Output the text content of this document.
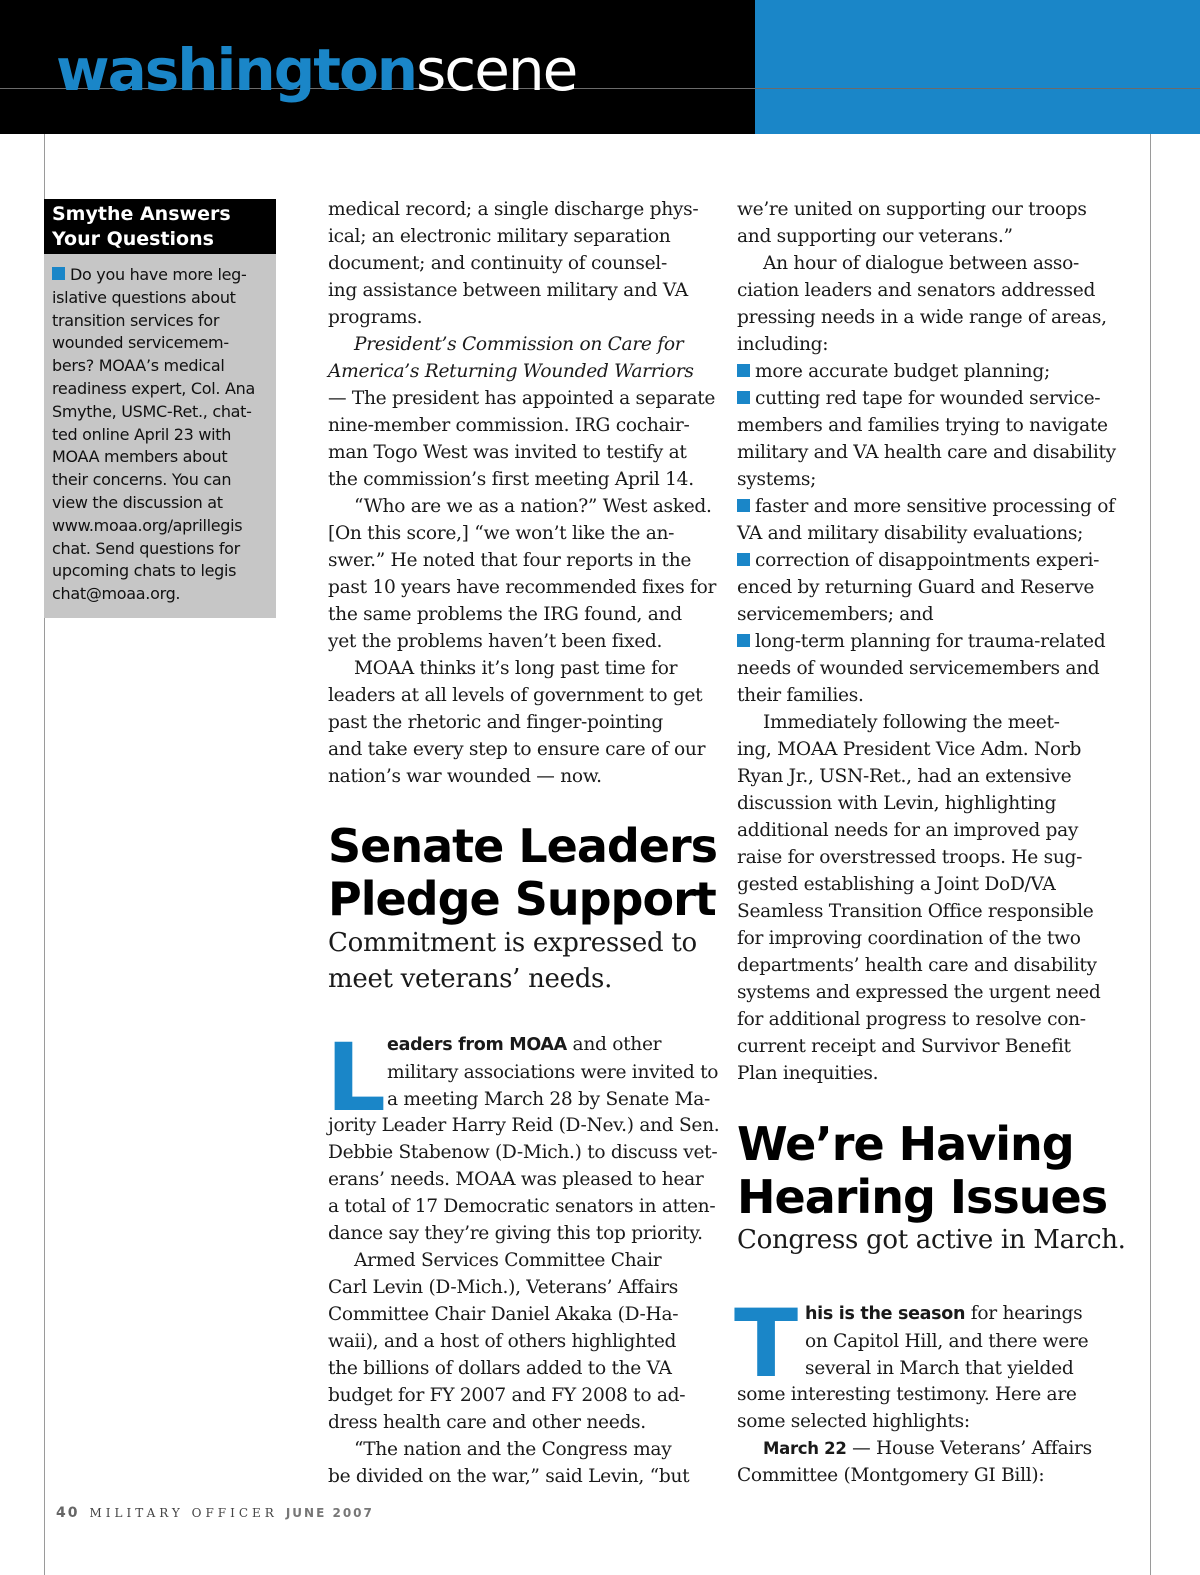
washingtonscene
Smythe Answers
Your Questions
Do you have more leg-
islative questions about
transition services for
wounded servicemem-
bers? MOAA’s medical
readiness expert, Col. Ana
Smythe, USMC-Ret., chat-
ted online April 23 with
MOAA members about
their concerns. You can
view the discussion at
www.moaa.org/aprillegis
chat. Send questions for
upcoming chats to legis
chat@moaa.org.
medical record; a single discharge phys-
ical; an electronic military separation
document; and continuity of counsel-
ing assistance between military and VA
programs.
President’s Commission on Care for
America’s Returning Wounded Warriors
— The president has appointed a separate
nine-member commission. IRG cochair-
man Togo West was invited to testify at
the commission’s first meeting April 14.
“Who are we as a nation?” West asked.
[On this score,] “we won’t like the an-
swer.” He noted that four reports in the
past 10 years have recommended fixes for
the same problems the IRG found, and
yet the problems haven’t been fixed.
MOAA thinks it’s long past time for
leaders at all levels of government to get
past the rhetoric and finger-pointing
and take every step to ensure care of our
nation’s war wounded — now.
Senate Leaders
Pledge Support
Commitment is expressed to
meet veterans’ needs.
L eaders from MOAA and other
military associations were invited to
a meeting March 28 by Senate Ma-
jority Leader Harry Reid (D-Nev.) and Sen.
Debbie Stabenow (D-Mich.) to discuss vet-
erans’ needs. MOAA was pleased to hear
a total of 17 Democratic senators in atten-
dance say they’re giving this top priority.
Armed Services Committee Chair
Carl Levin (D-Mich.), Veterans’ Affairs
Committee Chair Daniel Akaka (D-Ha-
waii), and a host of others highlighted
the billions of dollars added to the VA
budget for FY 2007 and FY 2008 to ad-
dress health care and other needs.
“The nation and the Congress may
be divided on the war,” said Levin, “but
we’re united on supporting our troops
and supporting our veterans.”
An hour of dialogue between asso-
ciation leaders and senators addressed
pressing needs in a wide range of areas,
including:
more accurate budget planning;
cutting red tape for wounded service-
members and families trying to navigate
military and VA health care and disability
systems;
faster and more sensitive processing of
VA and military disability evaluations;
correction of disappointments experi-
enced by returning Guard and Reserve
servicemembers; and
long-term planning for trauma-related
needs of wounded servicemembers and
their families.
Immediately following the meet-
ing, MOAA President Vice Adm. Norb
Ryan Jr., USN-Ret., had an extensive
discussion with Levin, highlighting
additional needs for an improved pay
raise for overstressed troops. He sug-
gested establishing a Joint DoD/VA
Seamless Transition Office responsible
for improving coordination of the two
departments’ health care and disability
systems and expressed the urgent need
for additional progress to resolve con-
current receipt and Survivor Benefit
Plan inequities.
We’re Having
Hearing Issues
Congress got active in March.
T his is the season for hearings
on Capitol Hill, and there were
several in March that yielded
some interesting testimony. Here are
some selected highlights:
March 22 — House Veterans’ Affairs
Committee (Montgomery GI Bill):
40 MILITARY OFFICER JUNE 2007
